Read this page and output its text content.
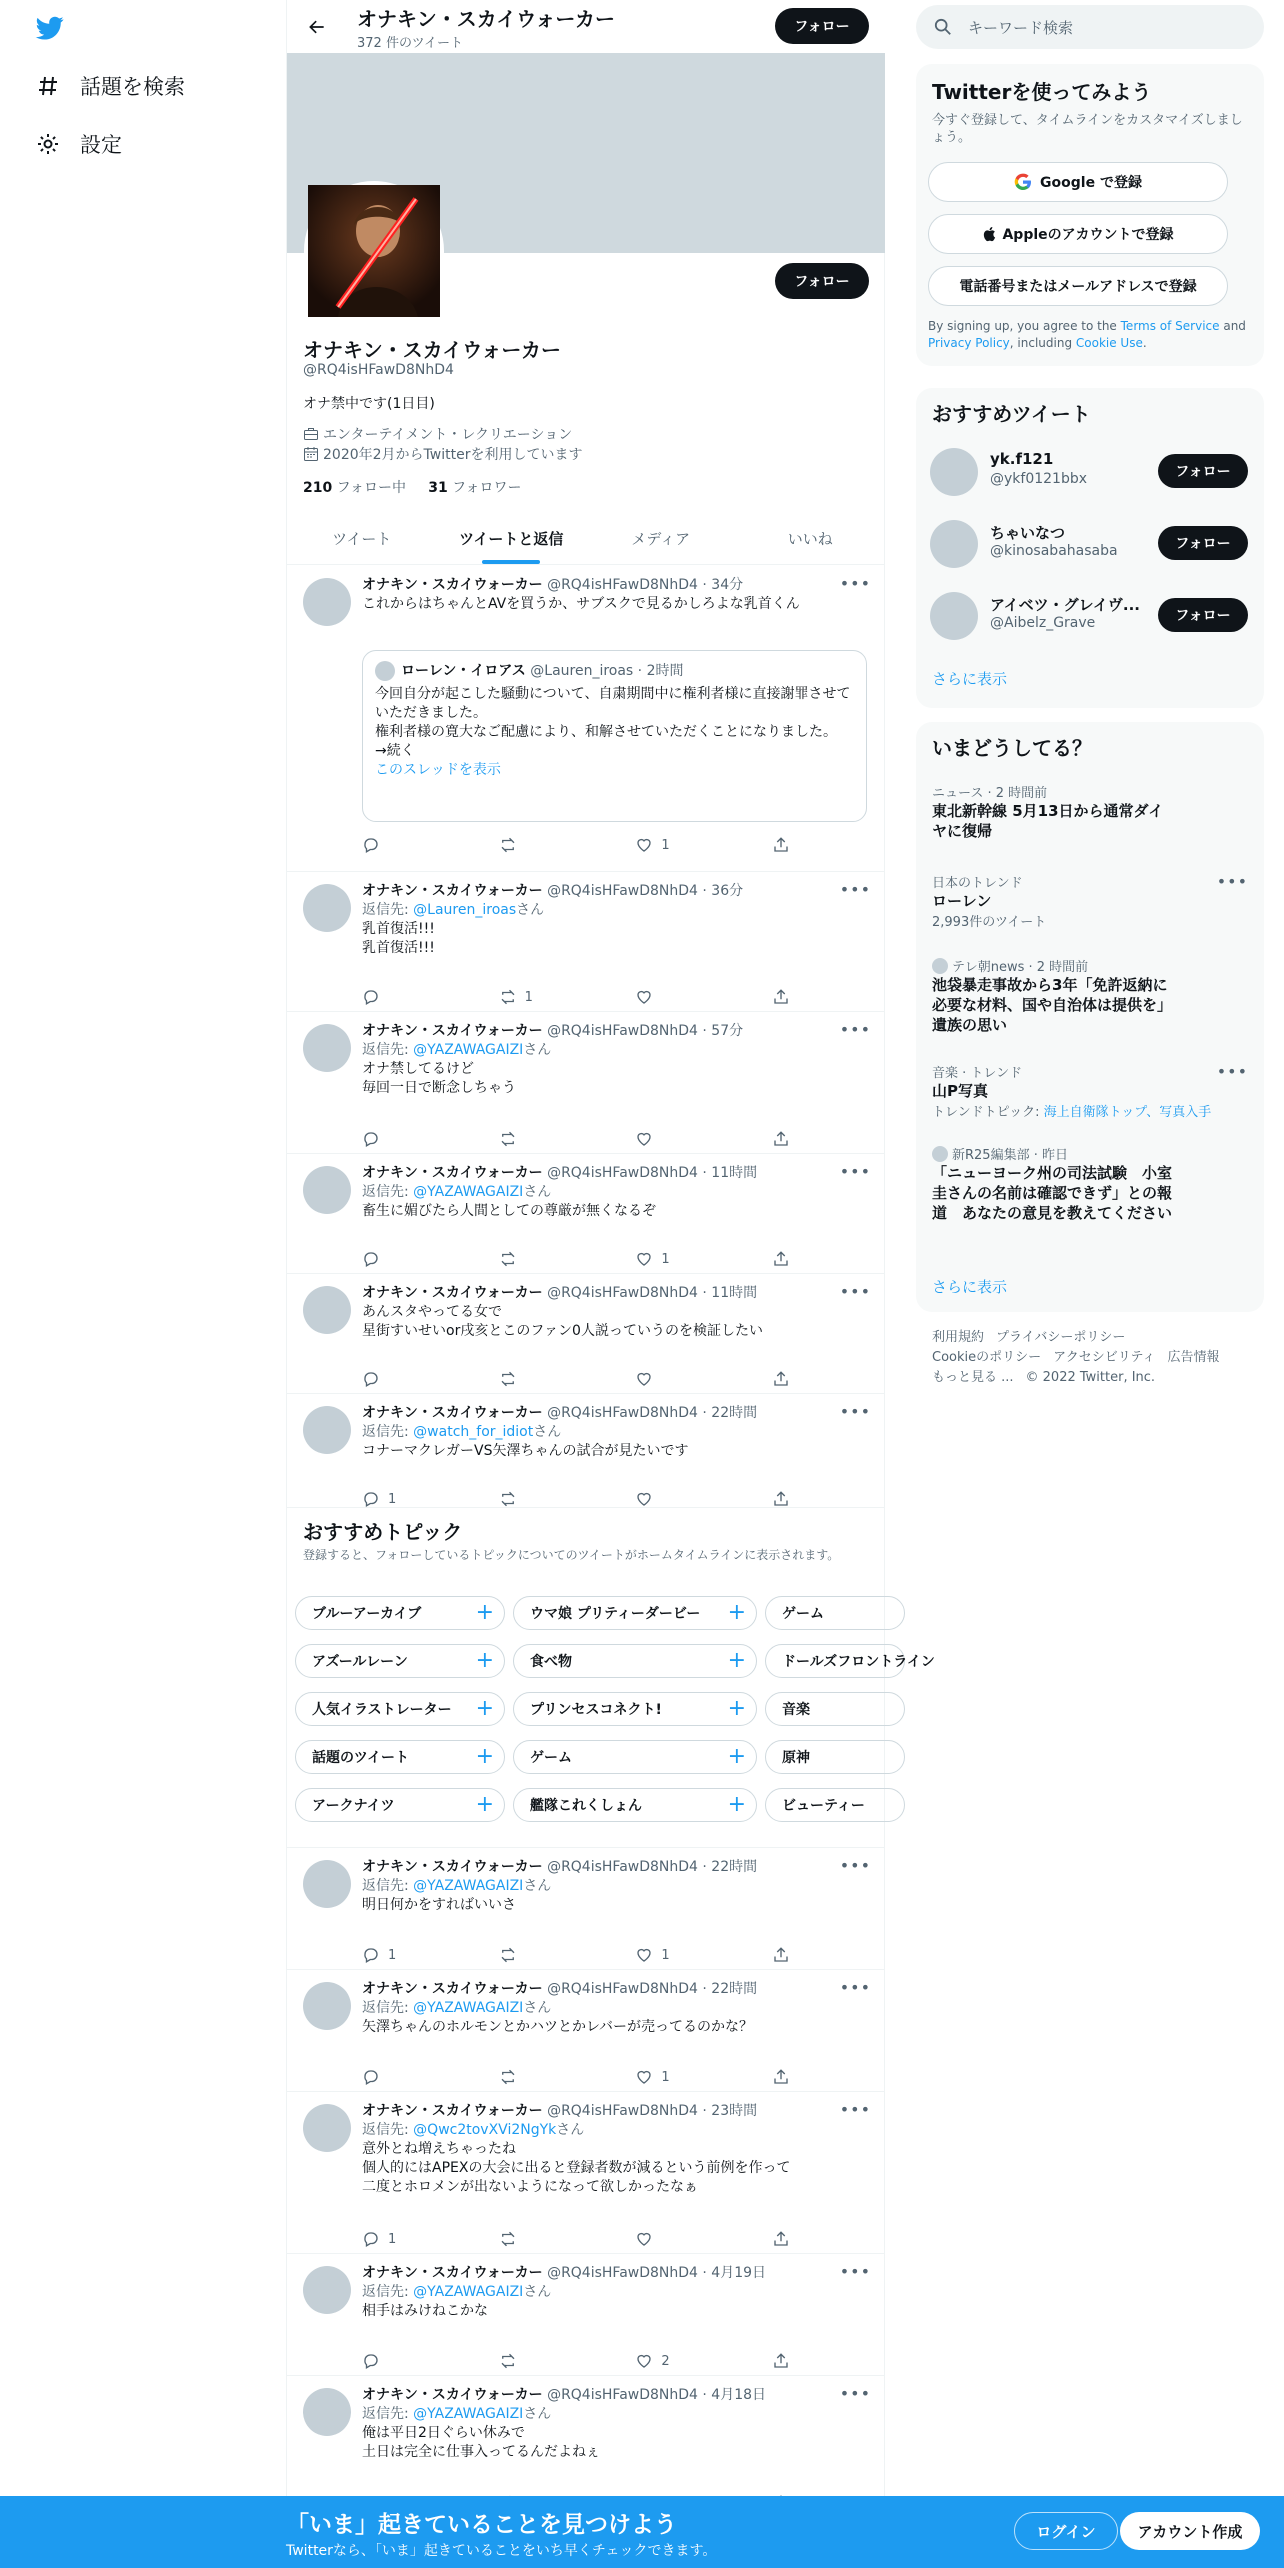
話題を検索
設定
オナキン・スカイウォーカー
372 件のツイート
フォロー
フォロー
オナキン・スカイウォーカー
@RQ4isHFawD8NhD4
オナ禁中です(1日目)
エンターテイメント・レクリエーション
2020年2月からTwitterを利用しています
210 フォロー中 31 フォロワー
ツイート	ツイートと返信	メディア	いいね
オナキン・スカイウォーカー @RQ4isHFawD8NhD4 · 34分
これからはちゃんとAVを買うか、サブスクで見るかしろよな乳首くん
•••
ローレン・イロアス
@Lauren_iroas · 2時間
今回自分が起こした騒動について、自粛期間中に権利者様に直接謝罪させていただきました。
権利者様の寛大なご配慮により、和解させていただくことになりました。
→続く
このスレッドを表示
1
オナキン・スカイウォーカー @RQ4isHFawD8NhD4 · 36分
返信先: @Lauren_iroasさん
乳首復活!!!
乳首復活!!!
•••
1
オナキン・スカイウォーカー @RQ4isHFawD8NhD4 · 57分
返信先: @YAZAWAGAIZIさん
オナ禁してるけど
毎回一日で断念しちゃう
•••
オナキン・スカイウォーカー @RQ4isHFawD8NhD4 · 11時間
返信先: @YAZAWAGAIZIさん
畜生に媚びたら人間としての尊厳が無くなるぞ
•••
1
オナキン・スカイウォーカー @RQ4isHFawD8NhD4 · 11時間
あんスタやってる女で
星街すいせいor戌亥とこのファン0人説っていうのを検証したい
•••
オナキン・スカイウォーカー @RQ4isHFawD8NhD4 · 22時間
返信先: @watch_for_idiotさん
コナーマクレガーVS矢澤ちゃんの試合が見たいです
•••
1
オナキン・スカイウォーカー @RQ4isHFawD8NhD4 · 22時間
返信先: @YAZAWAGAIZIさん
明日何かをすればいいさ
•••
1	1
オナキン・スカイウォーカー @RQ4isHFawD8NhD4 · 22時間
返信先: @YAZAWAGAIZIさん
矢澤ちゃんのホルモンとかハツとかレバーが売ってるのかな？
•••
1
オナキン・スカイウォーカー @RQ4isHFawD8NhD4 · 23時間
返信先: @Qwc2tovXVi2NgYkさん
意外とね増えちゃったね
個人的にはAPEXの大会に出ると登録者数が減るという前例を作って
二度とホロメンが出ないようになって欲しかったなぁ
•••
1
オナキン・スカイウォーカー @RQ4isHFawD8NhD4 · 4月19日
返信先: @YAZAWAGAIZIさん
相手はみけねこかな
•••
2
オナキン・スカイウォーカー @RQ4isHFawD8NhD4 · 4月18日
返信先: @YAZAWAGAIZIさん
俺は平日2日ぐらい休みで
土日は完全に仕事入ってるんだよねぇ
•••
おすすめトピック
登録すると、フォローしているトピックについてのツイートがホームタイムラインに表示されます。
ブルーアーカイブ +	ウマ娘 プリティーダービー +	ゲーム
アズールレーン	+	食べ物	+	ドールズフロントライン
人気イラストレーター +	プリンセスコネクト!	+	音楽
話題のツイート	+	ゲーム	+	原神
アークナイツ	+	艦隊これくしょん	+	ビューティー
キーワード検索
Twitterを使ってみよう
今すぐ登録して、タイムラインをカスタマイズしましょう。
Google で登録
Appleのアカウントで登録
電話番号またはメールアドレスで登録
By signing up, you agree to the Terms of Service and Privacy Policy, including Cookie Use.
おすすめツイート
yk.f121
@ykf0121bbx	フォロー
ちゃいなつ
@kinosabahasaba	フォロー
アイベツ・グレイヴ...
@Aibelz_Grave	フォロー
さらに表示
いまどうしてる？
ニュース · 2 時間前
東北新幹線 5月13日から通常ダイヤに復帰
日本のトレンド
ローレン
2,993件のツイート
•••
テレ朝news · 2 時間前
池袋暴走事故から3年「免許返納に必要な材料、国や自治体は提供を」　遺族の思い
音楽 · トレンド
山P写真
トレンドトピック: 海上自衛隊トップ、写真入手
•••
新R25編集部 · 昨日
「ニューヨーク州の司法試験　小室圭さんの名前は確認できず」との報道　あなたの意見を教えてください
さらに表示
利用規約 プライバシーポリシー
Cookieのポリシー アクセシビリティ 広告情報
もっと見る ... © 2022 Twitter, Inc.
「いま」起きていることを見つけよう
Twitterなら、「いま」起きていることをいち早くチェックできます。
ログイン	アカウント作成
